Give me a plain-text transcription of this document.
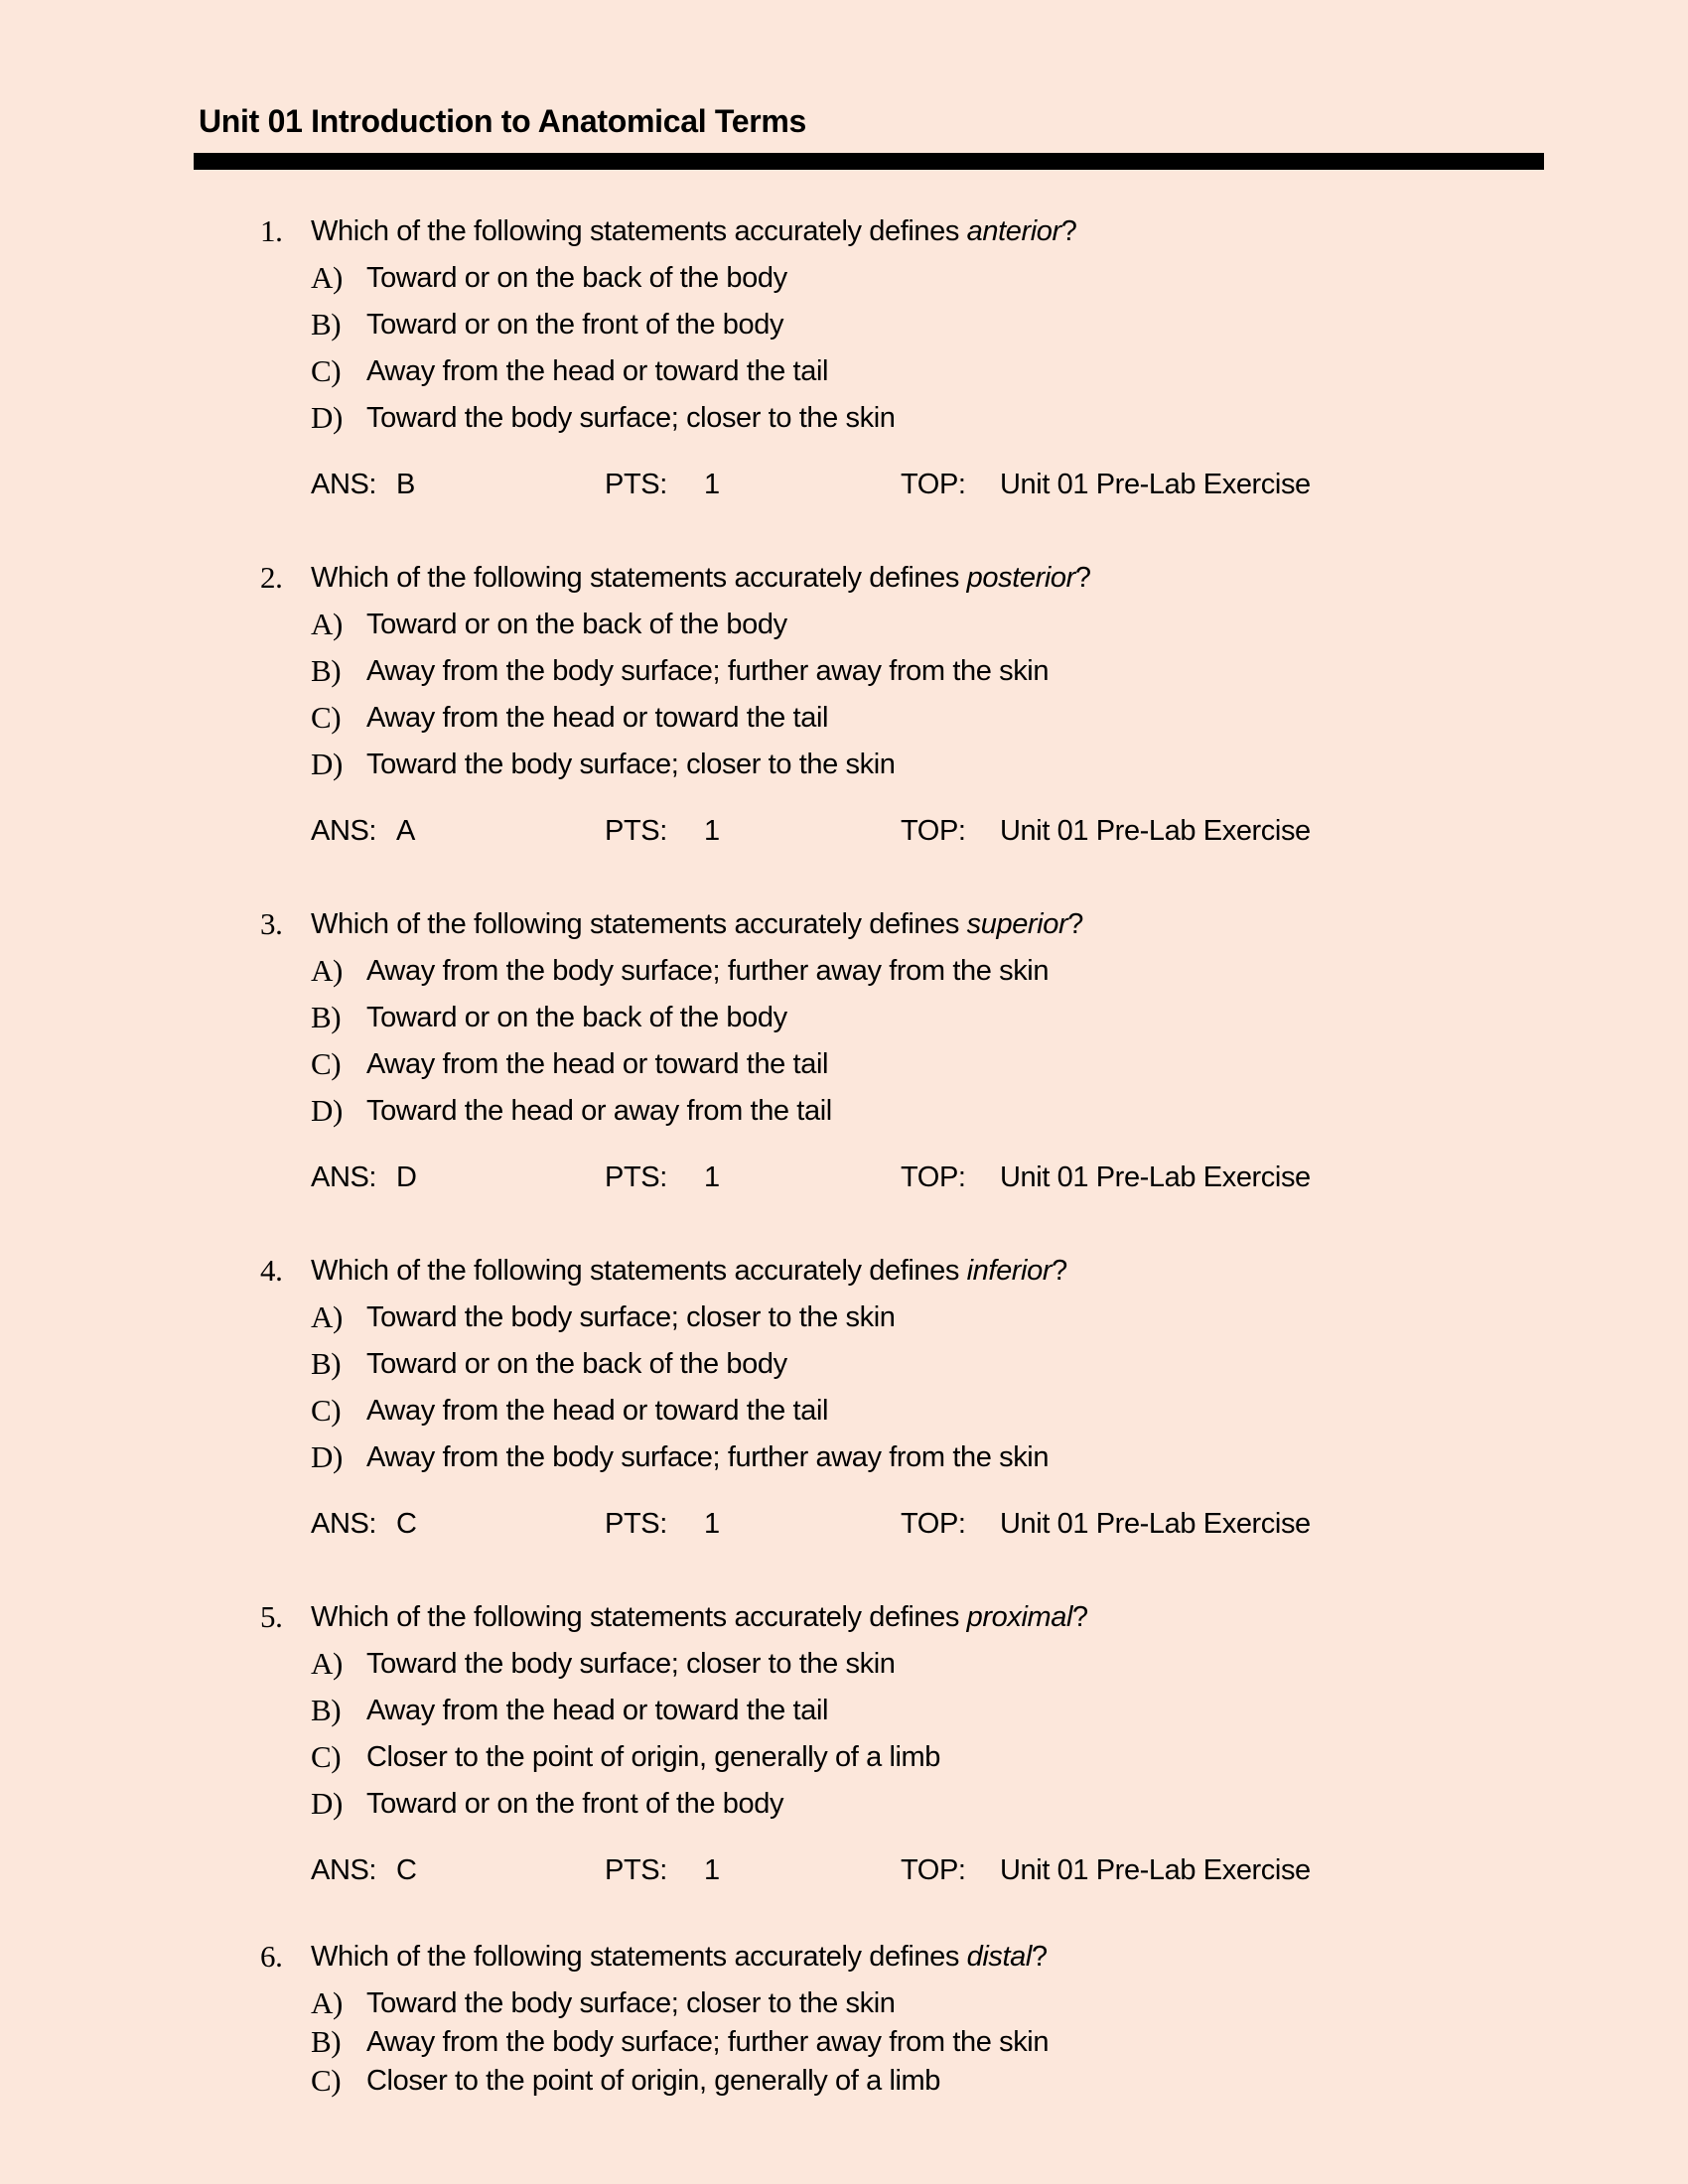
Unit 01 Introduction to Anatomical Terms
1. Which of the following statements accurately defines anterior?
A) Toward or on the back of the body
B) Toward or on the front of the body
C) Away from the head or toward the tail
D) Toward the body surface; closer to the skin
ANS: B	PTS: 1	TOP: Unit 01 Pre-Lab Exercise
2. Which of the following statements accurately defines posterior?
A) Toward or on the back of the body
B) Away from the body surface; further away from the skin
C) Away from the head or toward the tail
D) Toward the body surface; closer to the skin
ANS: A	PTS: 1	TOP: Unit 01 Pre-Lab Exercise
3. Which of the following statements accurately defines superior?
A) Away from the body surface; further away from the skin
B) Toward or on the back of the body
C) Away from the head or toward the tail
D) Toward the head or away from the tail
ANS: D	PTS: 1	TOP: Unit 01 Pre-Lab Exercise
4. Which of the following statements accurately defines inferior?
A) Toward the body surface; closer to the skin
B) Toward or on the back of the body
C) Away from the head or toward the tail
D) Away from the body surface; further away from the skin
ANS: C	PTS: 1	TOP: Unit 01 Pre-Lab Exercise
5. Which of the following statements accurately defines proximal?
A) Toward the body surface; closer to the skin
B) Away from the head or toward the tail
C) Closer to the point of origin, generally of a limb
D) Toward or on the front of the body
ANS: C	PTS: 1	TOP: Unit 01 Pre-Lab Exercise
6. Which of the following statements accurately defines distal?
A) Toward the body surface; closer to the skin
B) Away from the body surface; further away from the skin
C) Closer to the point of origin, generally of a limb
